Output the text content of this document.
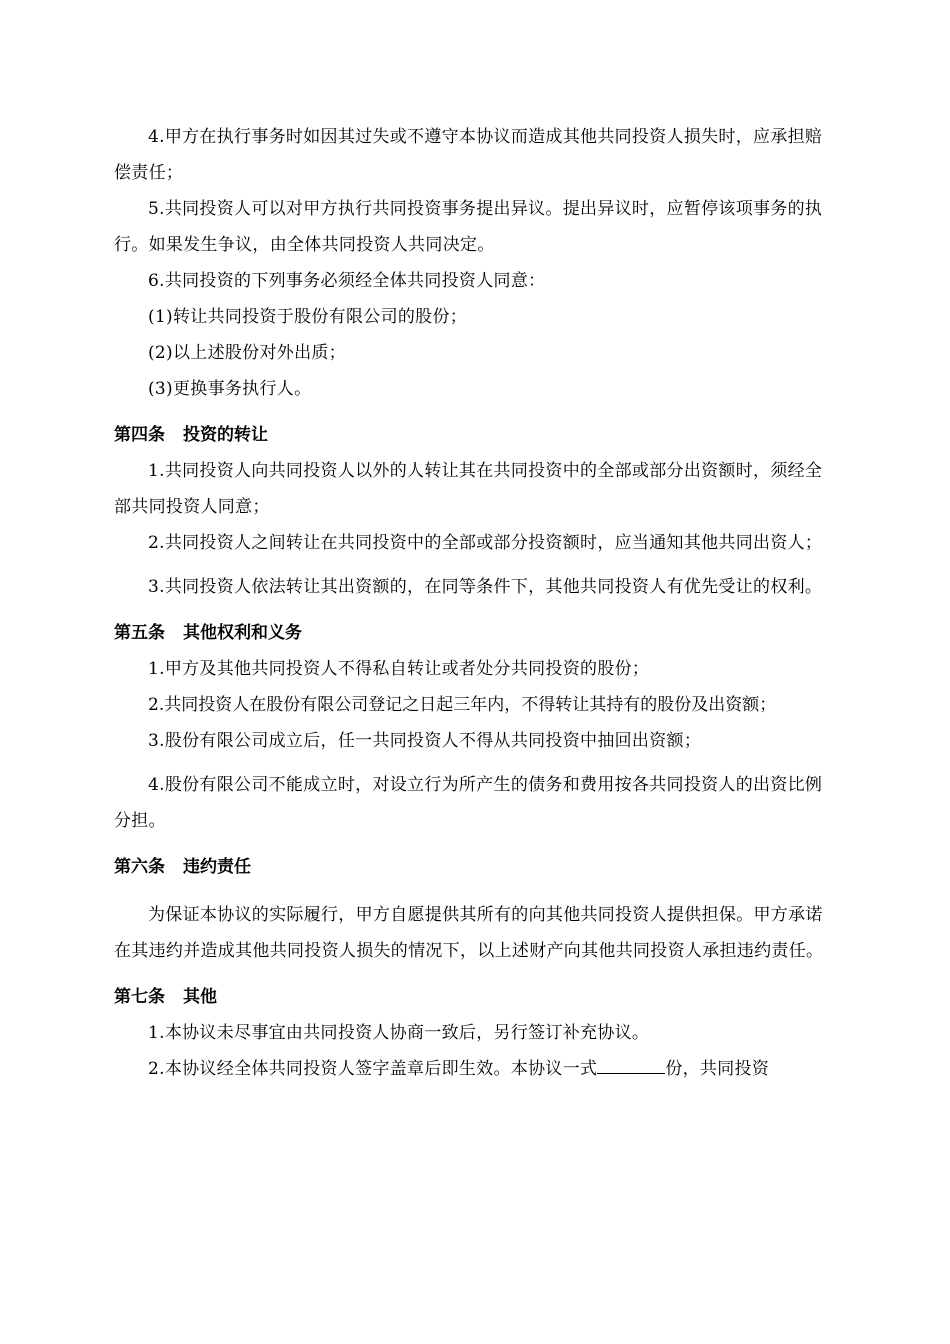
4.甲方在执行事务时如因其过失或不遵守本协议而造成其他共同投资人损失时，应承担赔偿责任；

5.共同投资人可以对甲方执行共同投资事务提出异议。提出异议时，应暂停该项事务的执行。如果发生争议，由全体共同投资人共同决定。

6.共同投资的下列事务必须经全体共同投资人同意：

(1)转让共同投资于股份有限公司的股份；

(2)以上述股份对外出质；

(3)更换事务执行人。

第四条 投资的转让

1.共同投资人向共同投资人以外的人转让其在共同投资中的全部或部分出资额时，须经全部共同投资人同意；

2.共同投资人之间转让在共同投资中的全部或部分投资额时，应当通知其他共同出资人；

3.共同投资人依法转让其出资额的，在同等条件下，其他共同投资人有优先受让的权利。

第五条 其他权利和义务

1.甲方及其他共同投资人不得私自转让或者处分共同投资的股份；

2.共同投资人在股份有限公司登记之日起三年内，不得转让其持有的股份及出资额；

3.股份有限公司成立后，任一共同投资人不得从共同投资中抽回出资额；

4.股份有限公司不能成立时，对设立行为所产生的债务和费用按各共同投资人的出资比例分担。

第六条 违约责任

为保证本协议的实际履行，甲方自愿提供其所有的向其他共同投资人提供担保。甲方承诺在其违约并造成其他共同投资人损失的情况下，以上述财产向其他共同投资人承担违约责任。

第七条 其他

1.本协议未尽事宜由共同投资人协商一致后，另行签订补充协议。

2.本协议经全体共同投资人签字盖章后即生效。本协议一式	份，共同投资
